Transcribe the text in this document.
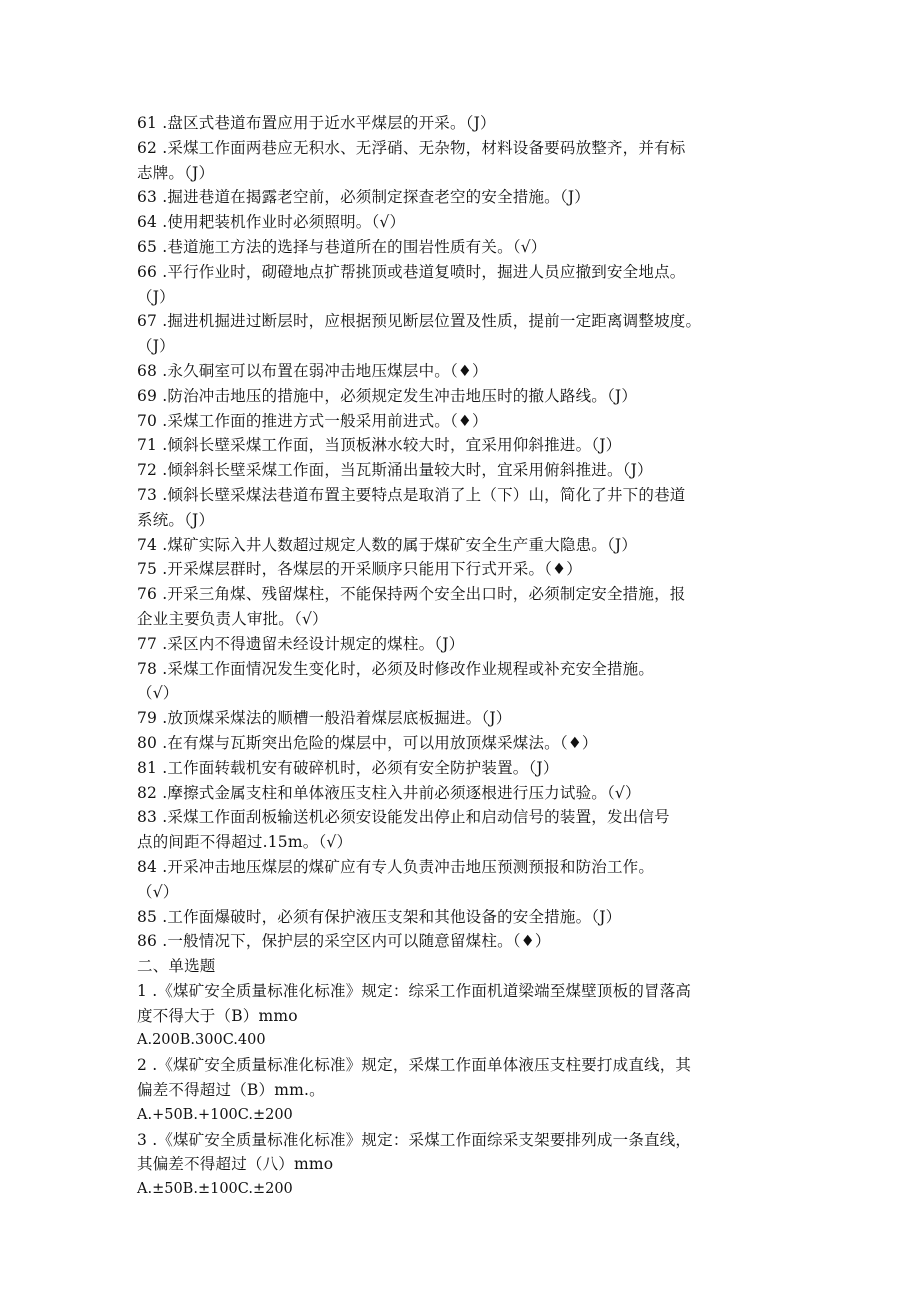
61 .盘区式巷道布置应用于近水平煤层的开采。（J）
62 .采煤工作面两巷应无积水、无浮硝、无杂物，材料设备要码放整齐，并有标
志牌。（J）
63 .掘进巷道在揭露老空前，必须制定探查老空的安全措施。（J）
64 .使用耙装机作业时必须照明。（√）
65 .巷道施工方法的选择与巷道所在的围岩性质有关。（√）
66 .平行作业时，砌磴地点扩帮挑顶或巷道复喷时，掘进人员应撤到安全地点。
（J）
67 .掘进机掘进过断层时，应根据预见断层位置及性质，提前一定距离调整坡度。
（J）
68 .永久硐室可以布置在弱冲击地压煤层中。（♦）
69 .防治冲击地压的措施中，必须规定发生冲击地压时的撤人路线。（J）
70 .采煤工作面的推进方式一般采用前进式。（♦）
71 .倾斜长壁采煤工作面，当顶板淋水较大时，宜采用仰斜推进。（J）
72 .倾斜斜长壁采煤工作面，当瓦斯涌出量较大时，宜采用俯斜推进。（J）
73 .倾斜长壁采煤法巷道布置主要特点是取消了上（下）山，简化了井下的巷道
系统。（J）
74 .煤矿实际入井人数超过规定人数的属于煤矿安全生产重大隐患。（J）
75 .开采煤层群时，各煤层的开采顺序只能用下行式开采。（♦）
76 .开采三角煤、残留煤柱，不能保持两个安全出口时，必须制定安全措施，报
企业主要负责人审批。（√）
77 .采区内不得遗留未经设计规定的煤柱。（J）
78 .采煤工作面情况发生变化时，必须及时修改作业规程或补充安全措施。
（√）
79 .放顶煤采煤法的顺槽一般沿着煤层底板掘进。（J）
80 .在有煤与瓦斯突出危险的煤层中，可以用放顶煤采煤法。（♦）
81 .工作面转载机安有破碎机时，必须有安全防护装置。（J）
82 .摩擦式金属支柱和单体液压支柱入井前必须逐根进行压力试验。（√）
83 .采煤工作面刮板输送机必须安设能发出停止和启动信号的装置，发出信号
点的间距不得超过.15m。（√）
84 .开采冲击地压煤层的煤矿应有专人负责冲击地压预测预报和防治工作。
（√）
85 .工作面爆破时，必须有保护液压支架和其他设备的安全措施。（J）
86 .一般情况下，保护层的采空区内可以随意留煤柱。（♦）
二、单选题
1 .《煤矿安全质量标准化标准》规定：综采工作面机道梁端至煤壁顶板的冒落高
度不得大于（B）mmo
A.200B.300C.400
2 .《煤矿安全质量标准化标准》规定，采煤工作面单体液压支柱要打成直线，其
偏差不得超过（B）mm.。
A.+50B.+100C.±200
3 .《煤矿安全质量标准化标准》规定：采煤工作面综采支架要排列成一条直线，
其偏差不得超过（八）mmo
A.±50B.±100C.±200
